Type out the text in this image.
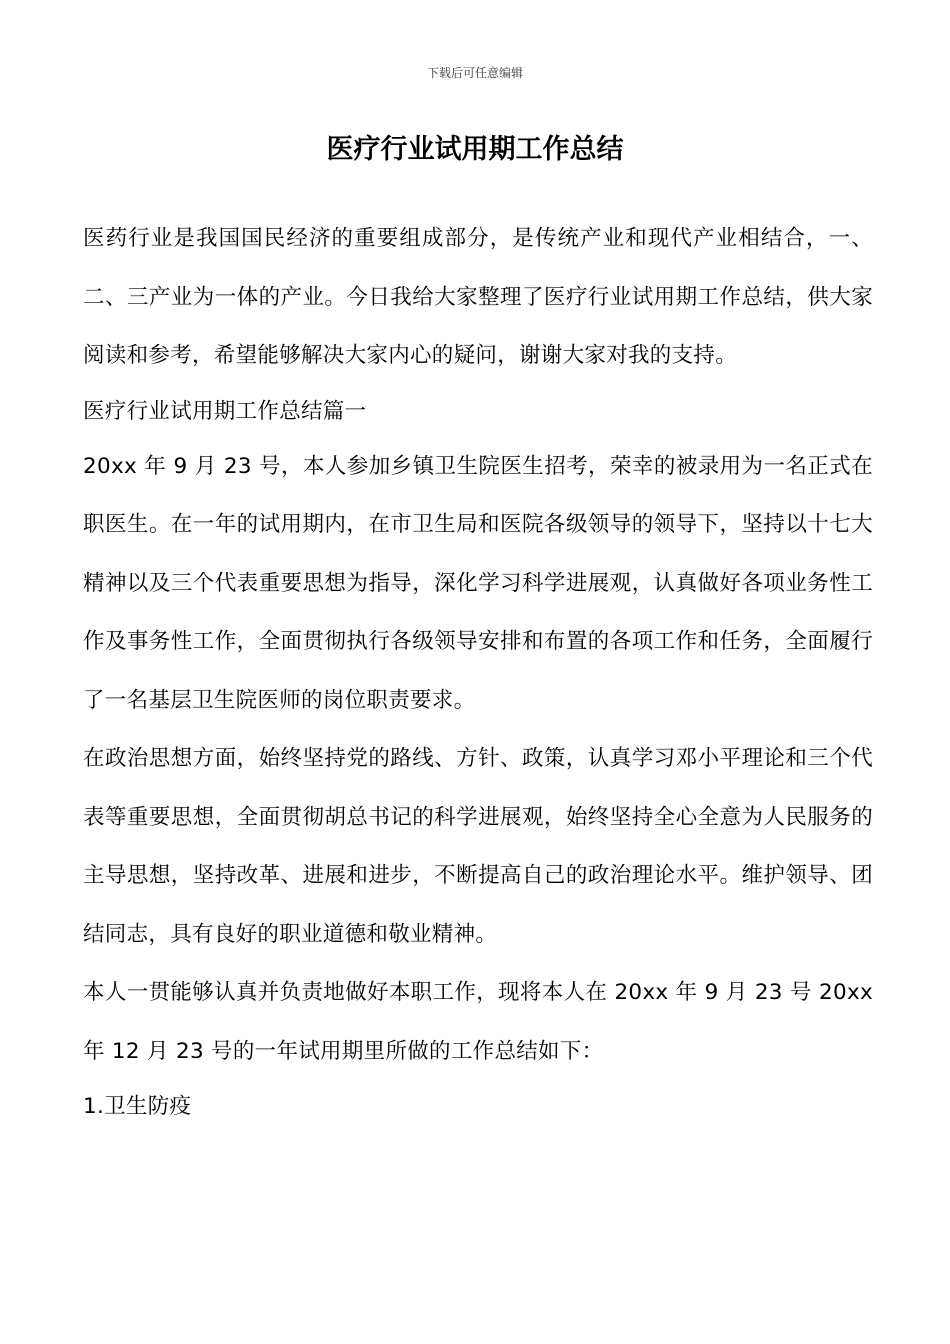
下载后可任意编辑
医疗行业试用期工作总结

医药行业是我国国民经济的重要组成部分，是传统产业和现代产业相结合，一、二、三产业为一体的产业。今日我给大家整理了医疗行业试用期工作总结，供大家阅读和参考，希望能够解决大家内心的疑问，谢谢大家对我的支持。

医疗行业试用期工作总结篇一

20xx 年 9 月 23 号，本人参加乡镇卫生院医生招考，荣幸的被录用为一名正式在职医生。在一年的试用期内，在市卫生局和医院各级领导的领导下，坚持以十七大精神以及三个代表重要思想为指导，深化学习科学进展观，认真做好各项业务性工作及事务性工作，全面贯彻执行各级领导安排和布置的各项工作和任务，全面履行了一名基层卫生院医师的岗位职责要求。

在政治思想方面，始终坚持党的路线、方针、政策，认真学习邓小平理论和三个代表等重要思想，全面贯彻胡总书记的科学进展观，始终坚持全心全意为人民服务的主导思想，坚持改革、进展和进步，不断提高自己的政治理论水平。维护领导、团结同志，具有良好的职业道德和敬业精神。

本人一贯能够认真并负责地做好本职工作，现将本人在 20xx 年 9 月 23 号 20xx 年 12 月 23 号的一年试用期里所做的工作总结如下：

1.卫生防疫
